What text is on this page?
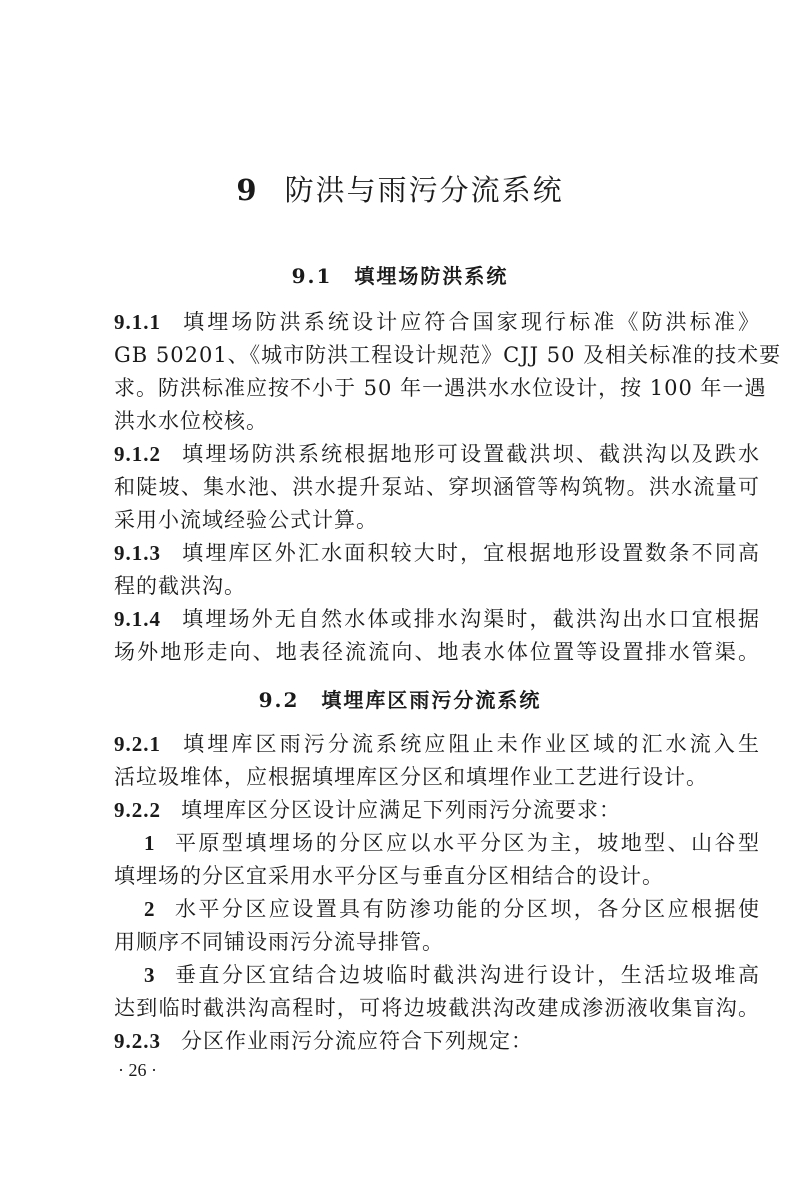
9 防洪与雨污分流系统
9.1 填埋场防洪系统
9.1.1 填埋场防洪系统设计应符合国家现行标准《防洪标准》
GB 50201、《城市防洪工程设计规范》CJJ 50 及相关标准的技术要
求。防洪标准应按不小于 50 年一遇洪水水位设计，按 100 年一遇
洪水水位校核。
9.1.2 填埋场防洪系统根据地形可设置截洪坝、截洪沟以及跌水
和陡坡、集水池、洪水提升泵站、穿坝涵管等构筑物。洪水流量可
采用小流域经验公式计算。
9.1.3 填埋库区外汇水面积较大时，宜根据地形设置数条不同高
程的截洪沟。
9.1.4 填埋场外无自然水体或排水沟渠时，截洪沟出水口宜根据
场外地形走向、地表径流流向、地表水体位置等设置排水管渠。
9.2 填埋库区雨污分流系统
9.2.1 填埋库区雨污分流系统应阻止未作业区域的汇水流入生
活垃圾堆体，应根据填埋库区分区和填埋作业工艺进行设计。
9.2.2 填埋库区分区设计应满足下列雨污分流要求：
1 平原型填埋场的分区应以水平分区为主，坡地型、山谷型
填埋场的分区宜采用水平分区与垂直分区相结合的设计。
2 水平分区应设置具有防渗功能的分区坝，各分区应根据使
用顺序不同铺设雨污分流导排管。
3 垂直分区宜结合边坡临时截洪沟进行设计，生活垃圾堆高
达到临时截洪沟高程时，可将边坡截洪沟改建成渗沥液收集盲沟。
9.2.3 分区作业雨污分流应符合下列规定：
· 26 ·
